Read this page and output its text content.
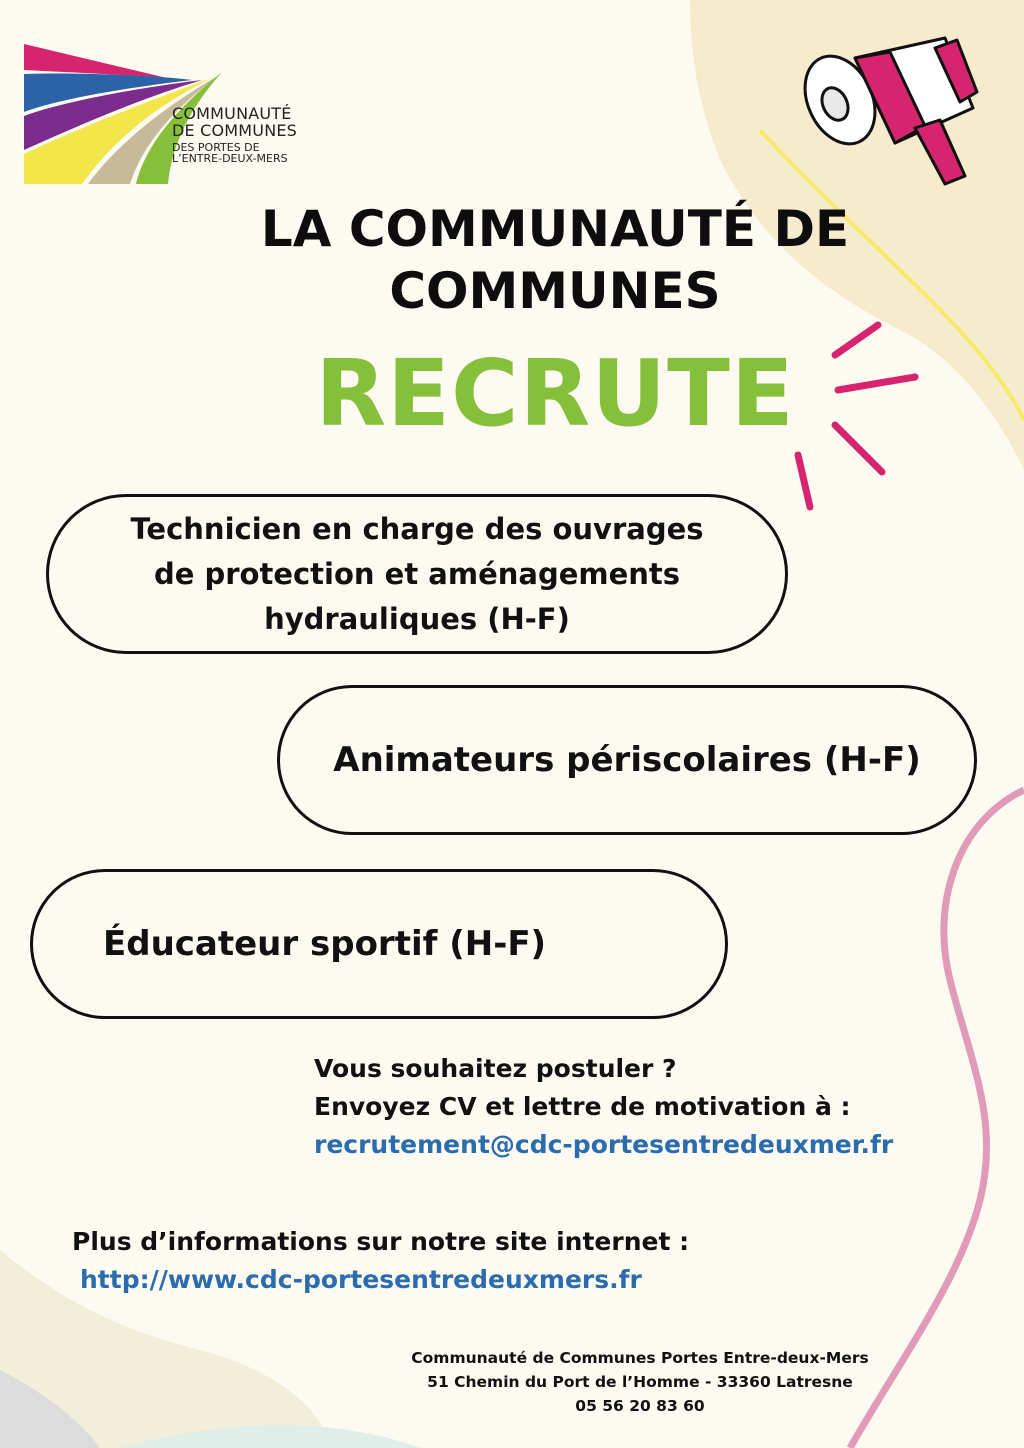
COMMUNAUTÉ
DE COMMUNES
DES PORTES DE
L’ENTRE-DEUX-MERS
LA COMMUNAUTÉ DE
COMMUNES
RECRUTE
Technicien en charge des ouvrages
de protection et aménagements
hydrauliques (H-F)
Animateurs périscolaires (H-F)
Éducateur sportif (H-F)
Vous souhaitez postuler ?
Envoyez CV et lettre de motivation à :
recrutement@cdc-portesentredeuxmer.fr
Plus d’informations sur notre site internet :
http://www.cdc-portesentredeuxmers.fr
Communauté de Communes Portes Entre-deux-Mers
51 Chemin du Port de l’Homme - 33360 Latresne
05 56 20 83 60
